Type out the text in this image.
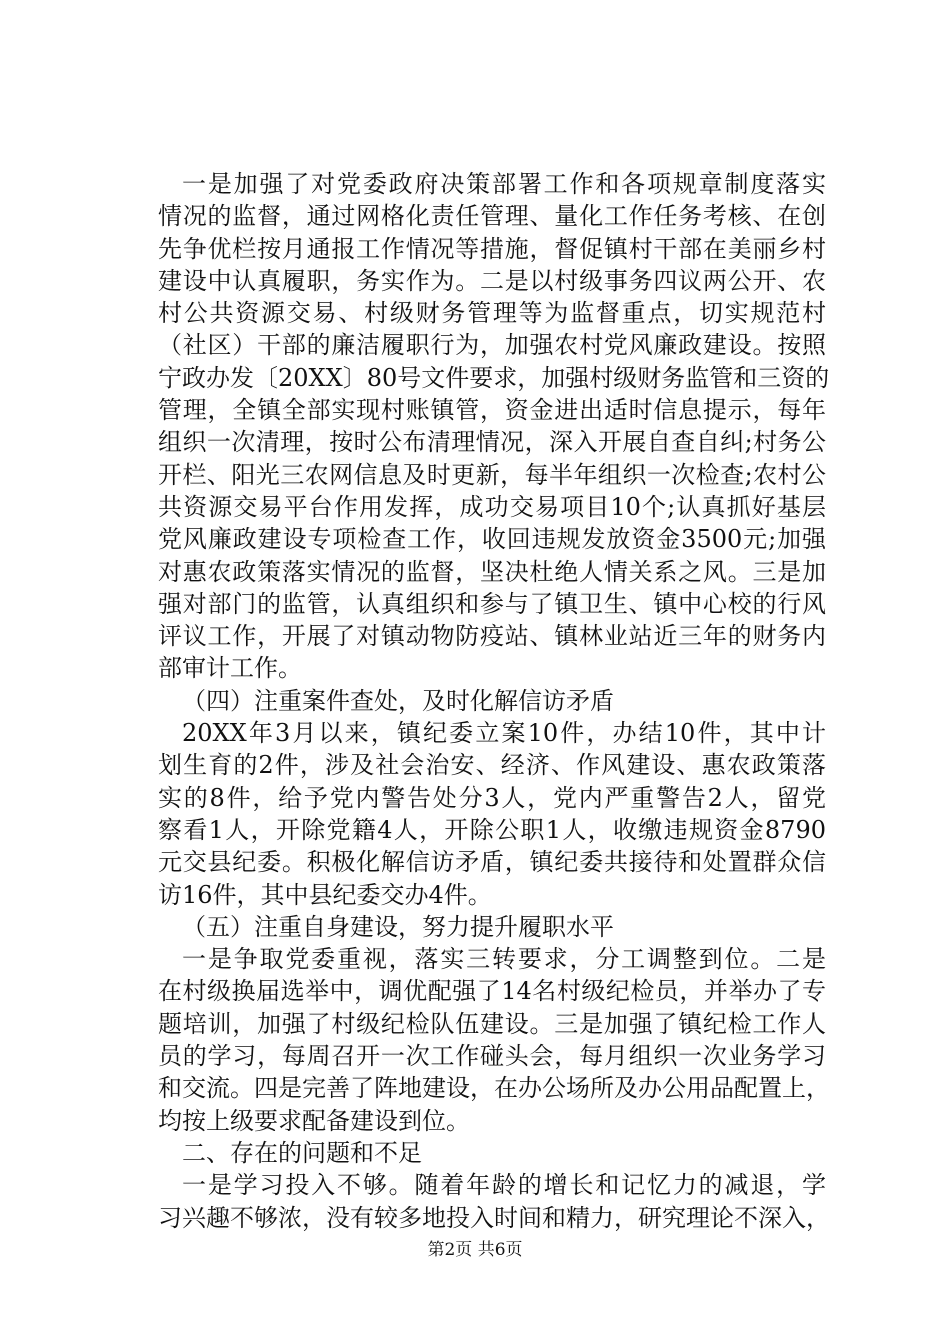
一是加强了对党委政府决策部署工作和各项规章制度落实
情况的监督，通过网格化责任管理、量化工作任务考核、在创
先争优栏按月通报工作情况等措施，督促镇村干部在美丽乡村
建设中认真履职，务实作为。二是以村级事务四议两公开、农
村公共资源交易、村级财务管理等为监督重点，切实规范村
（社区）干部的廉洁履职行为，加强农村党风廉政建设。按照
宁政办发〔20XX〕80号文件要求，加强村级财务监管和三资的
管理，全镇全部实现村账镇管，资金进出适时信息提示，每年
组织一次清理，按时公布清理情况，深入开展自查自纠;村务公
开栏、阳光三农网信息及时更新，每半年组织一次检查;农村公
共资源交易平台作用发挥，成功交易项目10个;认真抓好基层
党风廉政建设专项检查工作，收回违规发放资金3500元;加强
对惠农政策落实情况的监督，坚决杜绝人情关系之风。三是加
强对部门的监管，认真组织和参与了镇卫生、镇中心校的行风
评议工作，开展了对镇动物防疫站、镇林业站近三年的财务内
部审计工作。
（四）注重案件查处，及时化解信访矛盾
20XX年3月以来，镇纪委立案10件，办结10件，其中计
划生育的2件，涉及社会治安、经济、作风建设、惠农政策落
实的8件，给予党内警告处分3人，党内严重警告2人，留党
察看1人，开除党籍4人，开除公职1人，收缴违规资金8790
元交县纪委。积极化解信访矛盾，镇纪委共接待和处置群众信
访16件，其中县纪委交办4件。
（五）注重自身建设，努力提升履职水平
一是争取党委重视，落实三转要求，分工调整到位。二是
在村级换届选举中，调优配强了14名村级纪检员，并举办了专
题培训，加强了村级纪检队伍建设。三是加强了镇纪检工作人
员的学习，每周召开一次工作碰头会，每月组织一次业务学习
和交流。四是完善了阵地建设，在办公场所及办公用品配置上，
均按上级要求配备建设到位。
二、存在的问题和不足
一是学习投入不够。随着年龄的增长和记忆力的减退，学
习兴趣不够浓，没有较多地投入时间和精力，研究理论不深入，
第2页 共6页
